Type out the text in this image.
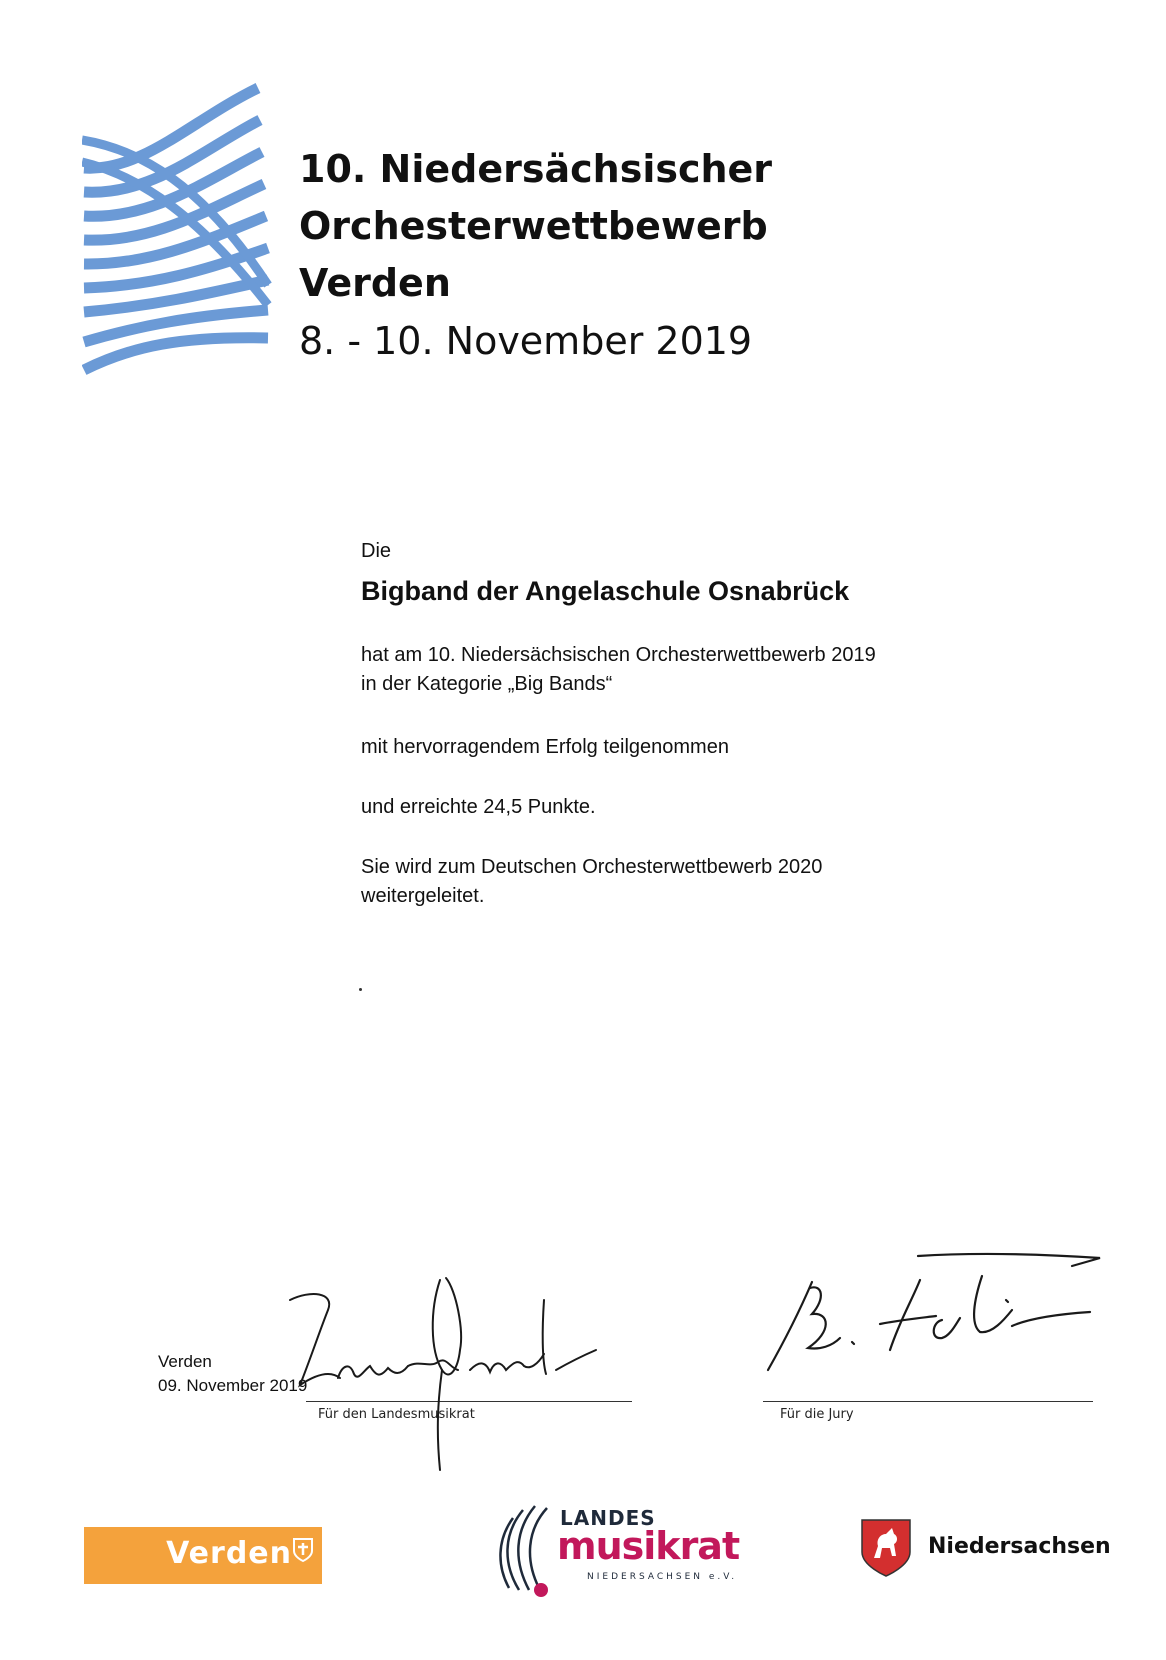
10. Niedersächsischer
Orchesterwettbewerb
Verden
8. - 10. November 2019
Die
Bigband der Angelaschule Osnabrück
hat am 10. Niedersächsischen Orchesterwettbewerb 2019
in der Kategorie „Big Bands“
mit hervorragendem Erfolg teilgenommen
und erreichte 24,5 Punkte.
Sie wird zum Deutschen Orchesterwettbewerb 2020
weitergeleitet.
Verden
09. November 2019
Für den Landesmusikrat	Für die Jury
Verden
LANDES
musikrat
NIEDERSACHSEN e.V.
Niedersachsen
